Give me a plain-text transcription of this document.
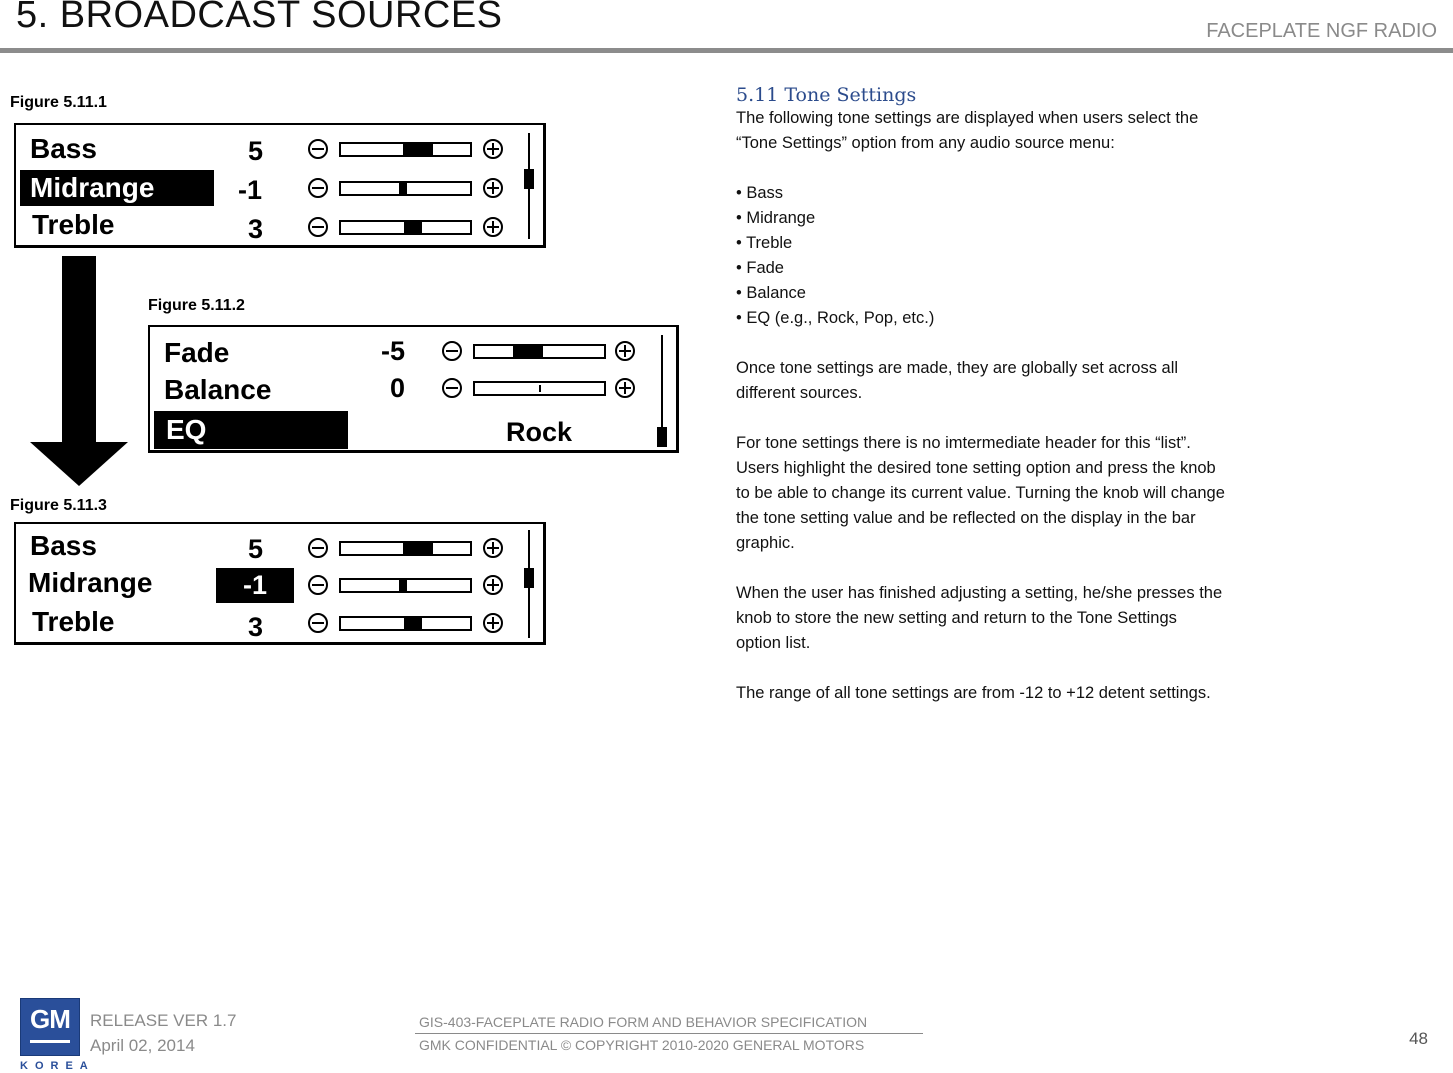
5. BROADCAST SOURCES	FACEPLATE NGF RADIO
Figure 5.11.1
Bass
Midrange
Treble
5
-1
3
Figure 5.11.2
Fade
Balance
EQ
-5
0
Rock
Figure 5.11.3
Bass
Midrange
Treble
5
-1
3
5.11 Tone Settings

The following tone settings are displayed when users select the “Tone Settings” option from any audio source menu:

• Bass

• Midrange

• Treble

• Fade

• Balance

• EQ (e.g., Rock, Pop, etc.)

Once tone settings are made, they are globally set across all different sources.

For tone settings there is no imtermediate header for this “list”. Users highlight the desired tone setting option and press the knob to be able to change its current value. Turning the knob will change the tone setting value and be reflected on the display in the bar graphic.

When the user has finished adjusting a setting, he/she presses the knob to store the new setting and return to the Tone Settings option list.

The range of all tone settings are from -12 to +12 detent settings.

GM
KOREA
RELEASE VER 1.7
April 02, 2014
GIS-403-FACEPLATE RADIO FORM AND BEHAVIOR SPECIFICATION
GMK CONFIDENTIAL © COPYRIGHT 2010-2020 GENERAL MOTORS	48
